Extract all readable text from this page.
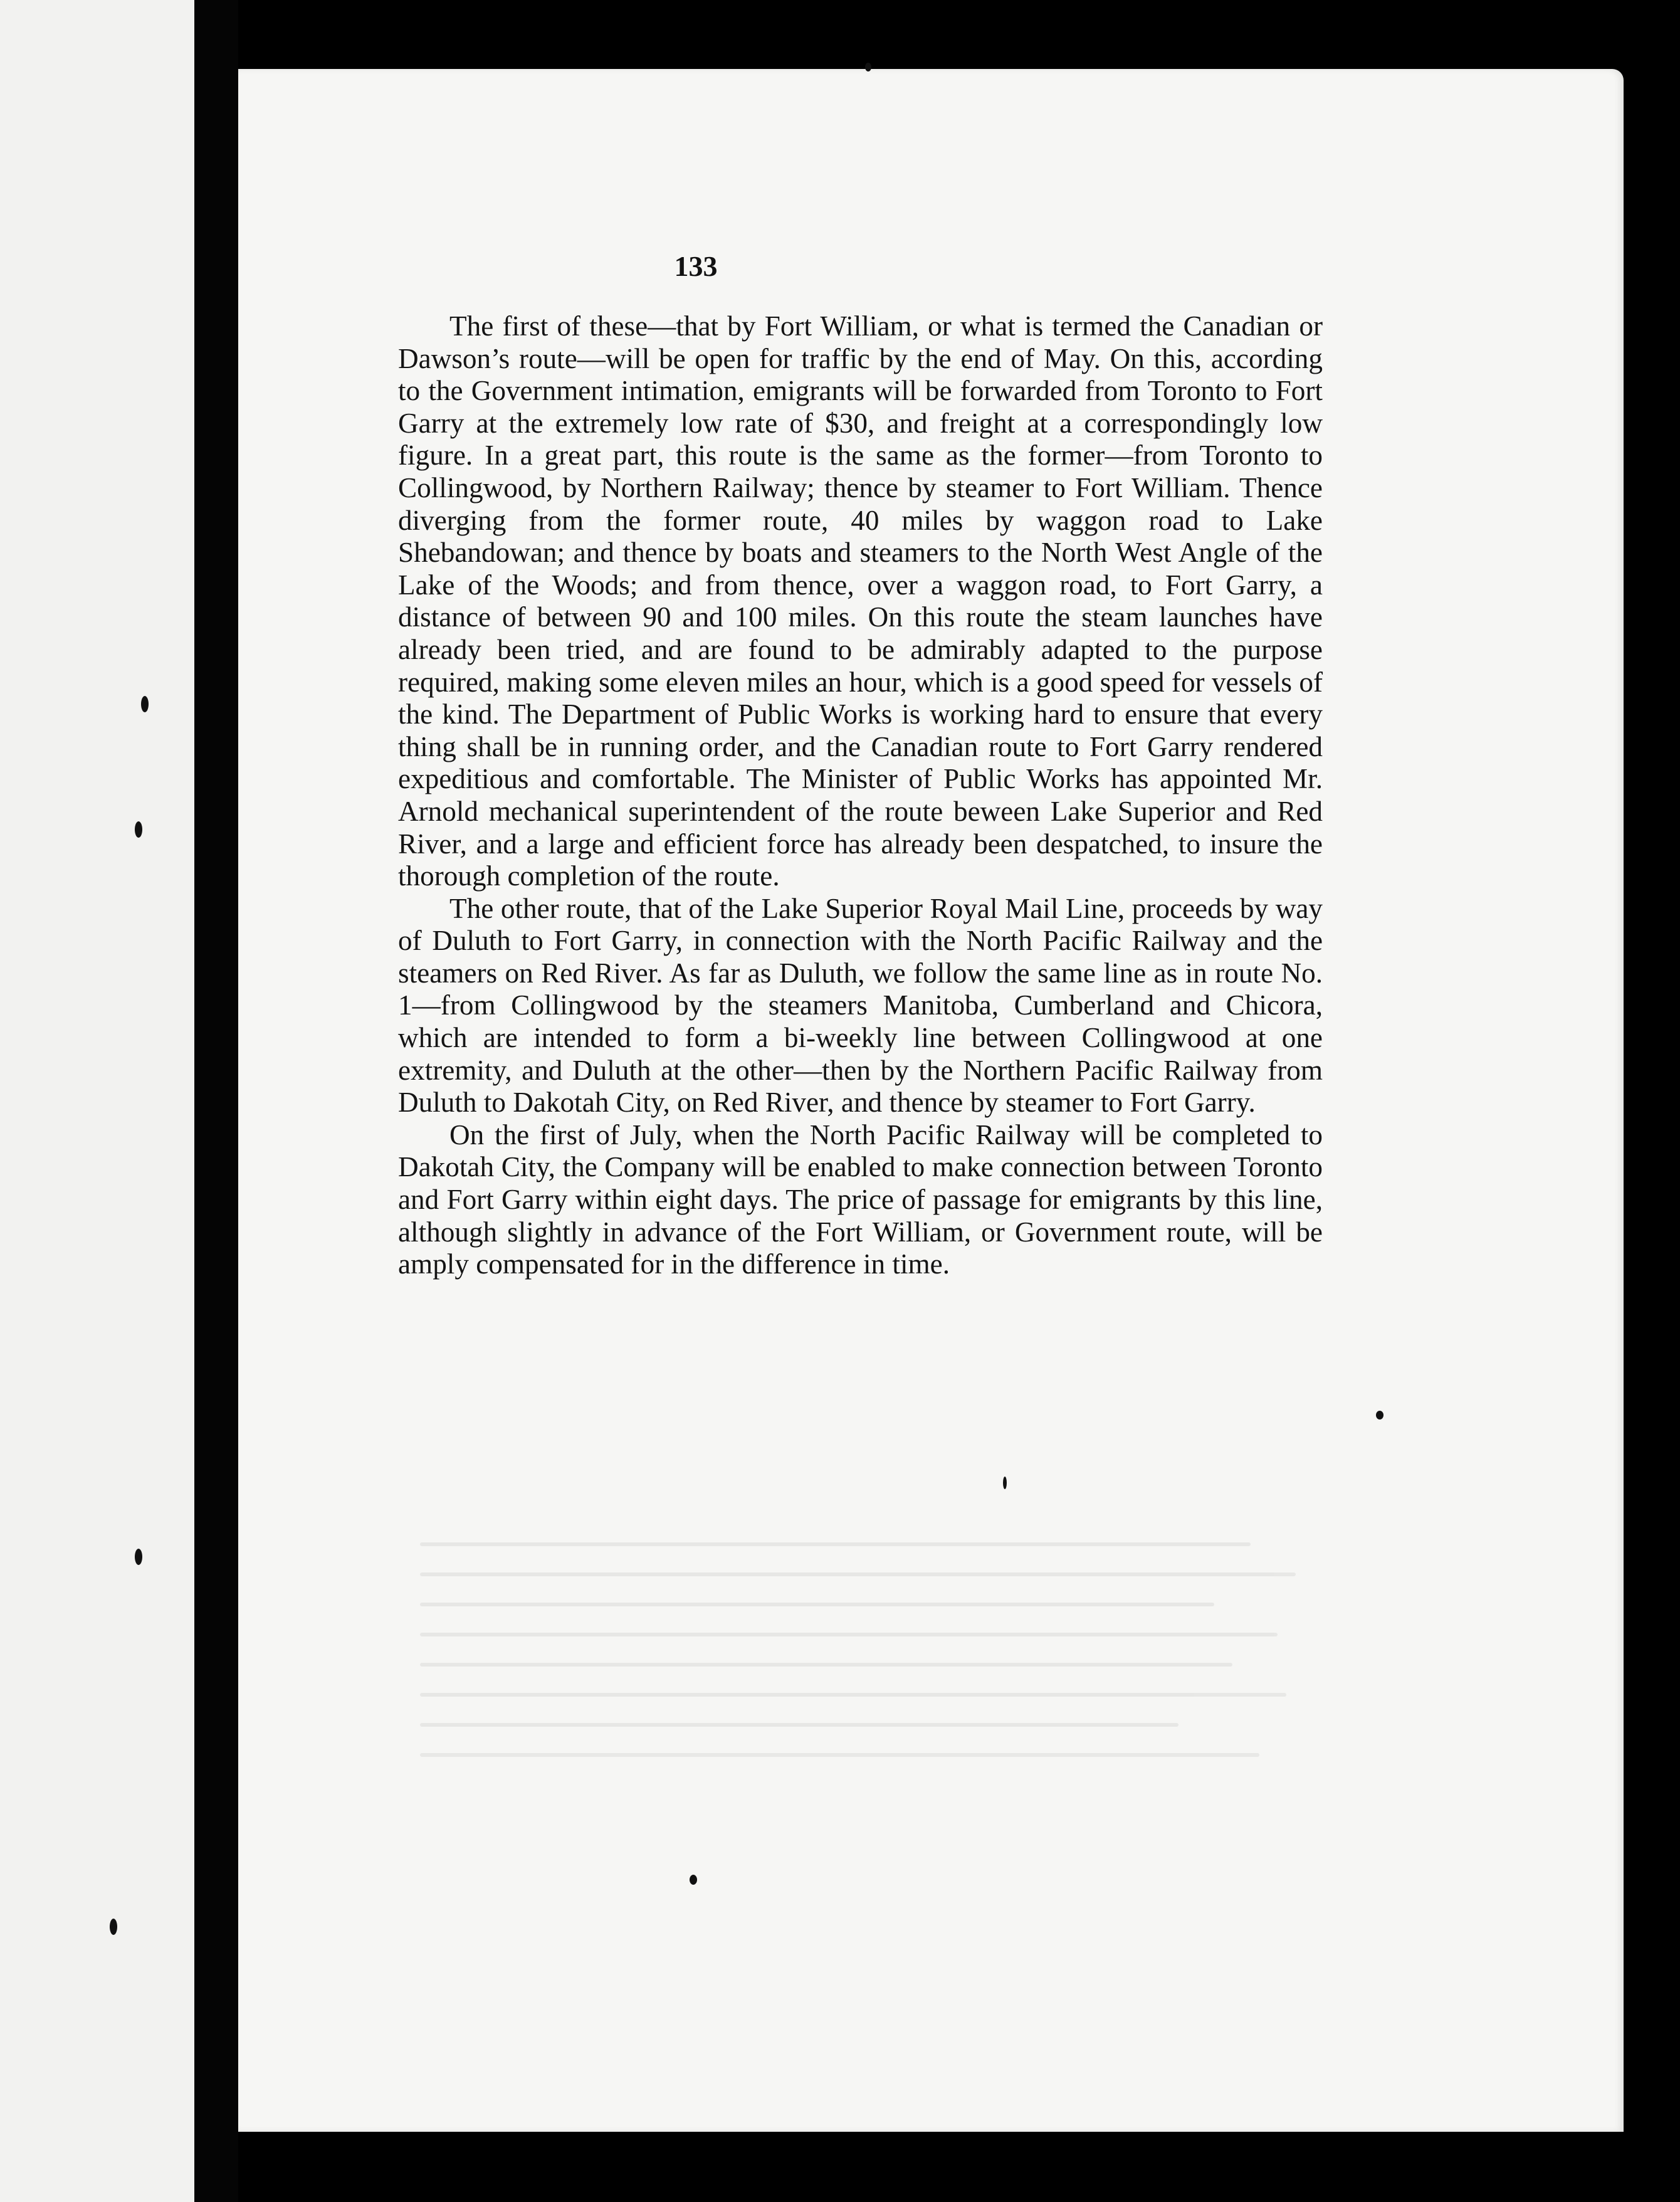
133

The first of these—that by Fort William, or what is termed the Canadian or Dawson’s route—will be open for traffic by the end of May. On this, according to the Government intimation, emigrants will be forwarded from Toronto to Fort Garry at the extremely low rate of $30, and freight at a correspondingly low figure. In a great part, this route is the same as the former—from Toronto to Collingwood, by Northern Railway; thence by steamer to Fort William. Thence diverging from the former route, 40 miles by waggon road to Lake Shebandowan; and thence by boats and steamers to the North West Angle of the Lake of the Woods; and from thence, over a waggon road, to Fort Garry, a distance of between 90 and 100 miles. On this route the steam launches have already been tried, and are found to be admirably adapted to the purpose required, making some eleven miles an hour, which is a good speed for vessels of the kind. The Department of Public Works is working hard to ensure that every thing shall be in running order, and the Canadian route to Fort Garry rendered expeditious and comfortable. The Minister of Public Works has appointed Mr. Arnold mechanical superintendent of the route beween Lake Superior and Red River, and a large and efficient force has already been despatched, to insure the thorough completion of the route.

The other route, that of the Lake Superior Royal Mail Line, proceeds by way of Duluth to Fort Garry, in connection with the North Pacific Railway and the steamers on Red River. As far as Duluth, we follow the same line as in route No. 1—from Collingwood by the steamers Manitoba, Cumberland and Chicora, which are intended to form a bi-weekly line between Collingwood at one extremity, and Duluth at the other—then by the Northern Pacific Railway from Duluth to Dakotah City, on Red River, and thence by steamer to Fort Garry.

On the first of July, when the North Pacific Railway will be completed to Dakotah City, the Company will be enabled to make connection between Toronto and Fort Garry within eight days. The price of passage for emigrants by this line, although slightly in advance of the Fort William, or Government route, will be amply compensated for in the difference in time.
